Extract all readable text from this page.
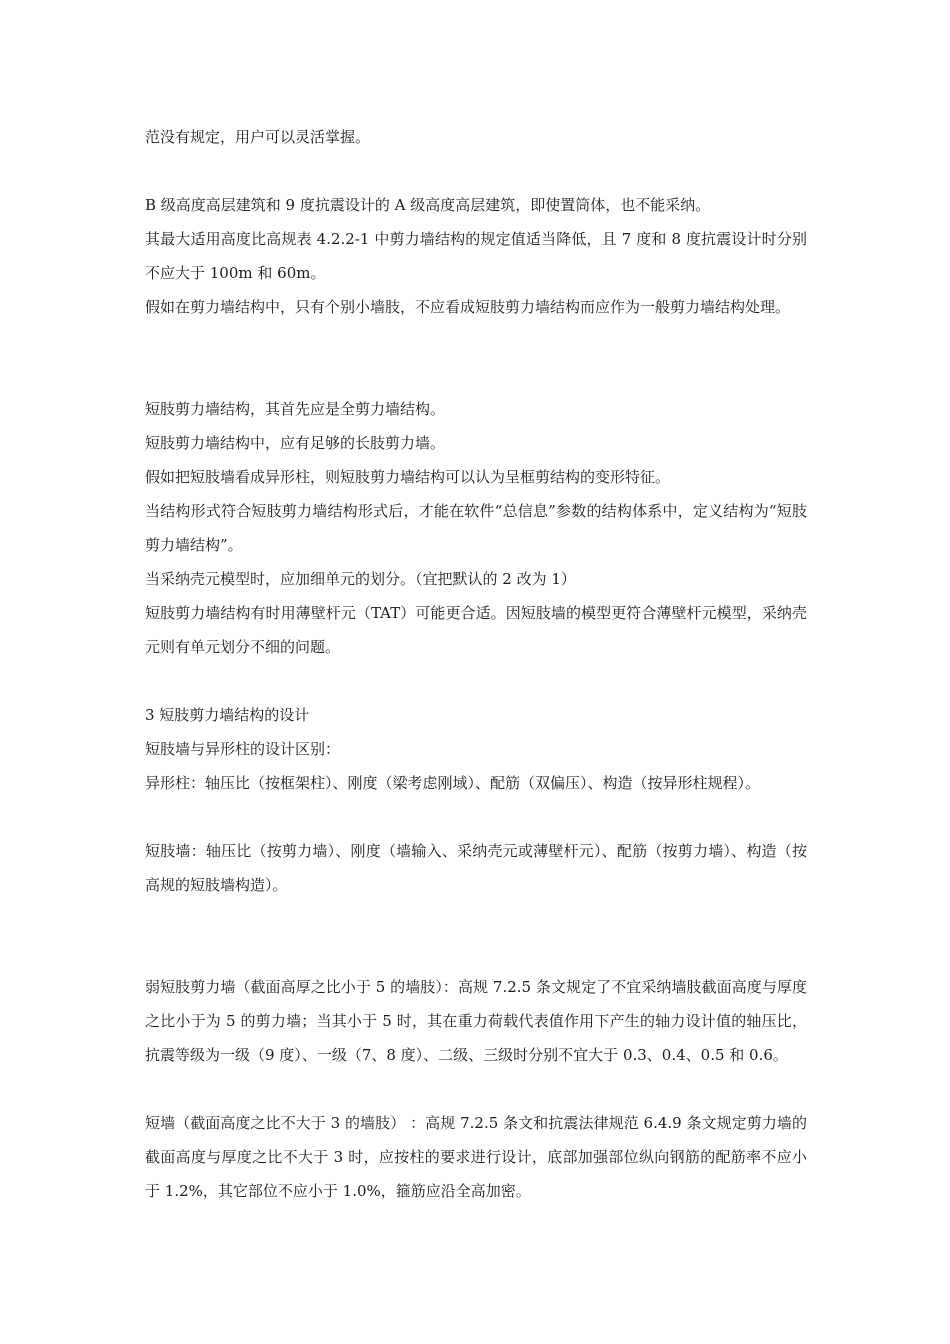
范没有规定，用户可以灵活掌握。

B 级高度高层建筑和 9 度抗震设计的 A 级高度高层建筑，即使置筒体，也不能采纳。

其最大适用高度比高规表 4.2.2-1 中剪力墙结构的规定值适当降低，且 7 度和 8 度抗震设计时分别不应大于 100m 和 60m。

假如在剪力墙结构中，只有个别小墙肢，不应看成短肢剪力墙结构而应作为一般剪力墙结构处理。

短肢剪力墙结构，其首先应是全剪力墙结构。

短肢剪力墙结构中，应有足够的长肢剪力墙。

假如把短肢墙看成异形柱，则短肢剪力墙结构可以认为呈框剪结构的变形特征。

当结构形式符合短肢剪力墙结构形式后，才能在软件“总信息”参数的结构体系中，定义结构为“短肢剪力墙结构”。

当采纳壳元模型时，应加细单元的划分。（宜把默认的 2 改为 1）

短肢剪力墙结构有时用薄壁杆元（TAT）可能更合适。因短肢墙的模型更符合薄壁杆元模型，采纳壳元则有单元划分不细的问题。

3 短肢剪力墙结构的设计

短肢墙与异形柱的设计区别：

异形柱：轴压比（按框架柱）、刚度（梁考虑刚域）、配筋（双偏压）、构造（按异形柱规程）。

短肢墙：轴压比（按剪力墙）、刚度（墙输入、采纳壳元或薄壁杆元）、配筋（按剪力墙）、构造（按高规的短肢墙构造）。

弱短肢剪力墙（截面高厚之比小于 5 的墙肢）：高规 7.2.5 条文规定了不宜采纳墙肢截面高度与厚度之比小于为 5 的剪力墙；当其小于 5 时，其在重力荷载代表值作用下产生的轴力设计值的轴压比，抗震等级为一级（9 度）、一级（7、8 度）、二级、三级时分别不宜大于 0.3、0.4、0.5 和 0.6。

短墙（截面高度之比不大于 3 的墙肢） ：高规 7.2.5 条文和抗震法律规范 6.4.9 条文规定剪力墙的截面高度与厚度之比不大于 3 时，应按柱的要求进行设计，底部加强部位纵向钢筋的配筋率不应小于 1.2%，其它部位不应小于 1.0%，箍筋应沿全高加密。
